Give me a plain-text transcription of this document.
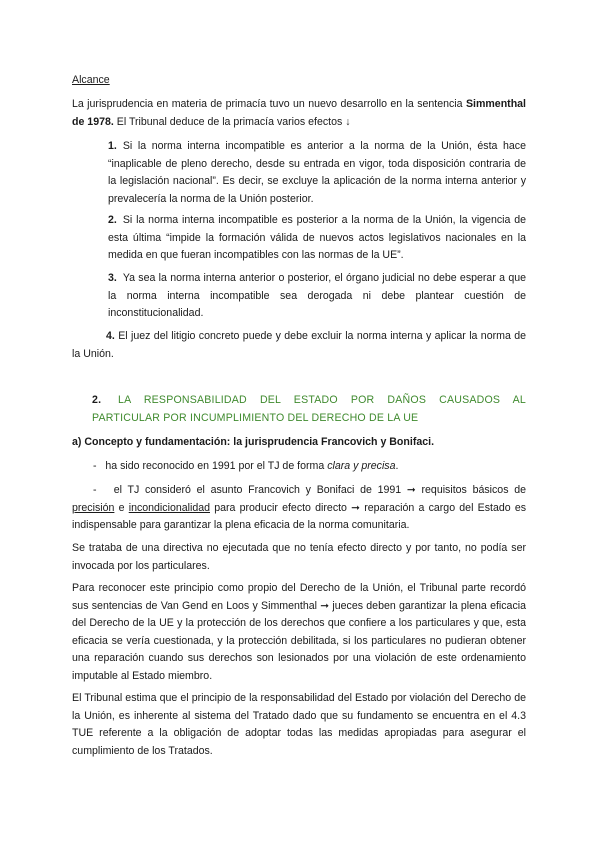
Alcance
La jurisprudencia en materia de primacía tuvo un nuevo desarrollo en la sentencia Simmenthal de 1978. El Tribunal deduce de la primacía varios efectos ↓
1. Si la norma interna incompatible es anterior a la norma de la Unión, ésta hace “inaplicable de pleno derecho, desde su entrada en vigor, toda disposición contraria de la legislación nacional”. Es decir, se excluye la aplicación de la norma interna anterior y prevalecería la norma de la Unión posterior.
2. Si la norma interna incompatible es posterior a la norma de la Unión, la vigencia de esta última “impide la formación válida de nuevos actos legislativos nacionales en la medida en que fueran incompatibles con las normas de la UE”.
3. Ya sea la norma interna anterior o posterior, el órgano judicial no debe esperar a que la norma interna incompatible sea derogada ni debe plantear cuestión de inconstitucionalidad.
4. El juez del litigio concreto puede y debe excluir la norma interna y aplicar la norma de la Unión.
2. LA RESPONSABILIDAD DEL ESTADO POR DAÑOS CAUSADOS AL PARTICULAR POR INCUMPLIMIENTO DEL DERECHO DE LA UE
a) Concepto y fundamentación: la jurisprudencia Francovich y Bonifaci.
-   ha sido reconocido en 1991 por el TJ de forma clara y precisa.
-   el TJ consideró el asunto Francovich y Bonifaci de 1991 ➞ requisitos básicos de precisión e incondicionalidad para producir efecto directo ➞ reparación a cargo del Estado es indispensable para garantizar la plena eficacia de la norma comunitaria.

Se trataba de una directiva no ejecutada que no tenía efecto directo y por tanto, no podía ser invocada por los particulares.

Para reconocer este principio como propio del Derecho de la Unión, el Tribunal parte recordó sus sentencias de Van Gend en Loos y Simmenthal ➞ jueces deben garantizar la plena eficacia del Derecho de la UE y la protección de los derechos que confiere a los particulares y que, esta eficacia se vería cuestionada, y la protección debilitada, si los particulares no pudieran obtener una reparación cuando sus derechos son lesionados por una violación de este ordenamiento imputable al Estado miembro.

El Tribunal estima que el principio de la responsabilidad del Estado por violación del Derecho de la Unión, es inherente al sistema del Tratado dado que su fundamento se encuentra en el 4.3 TUE referente a la obligación de adoptar todas las medidas apropiadas para asegurar el cumplimiento de los Tratados.
